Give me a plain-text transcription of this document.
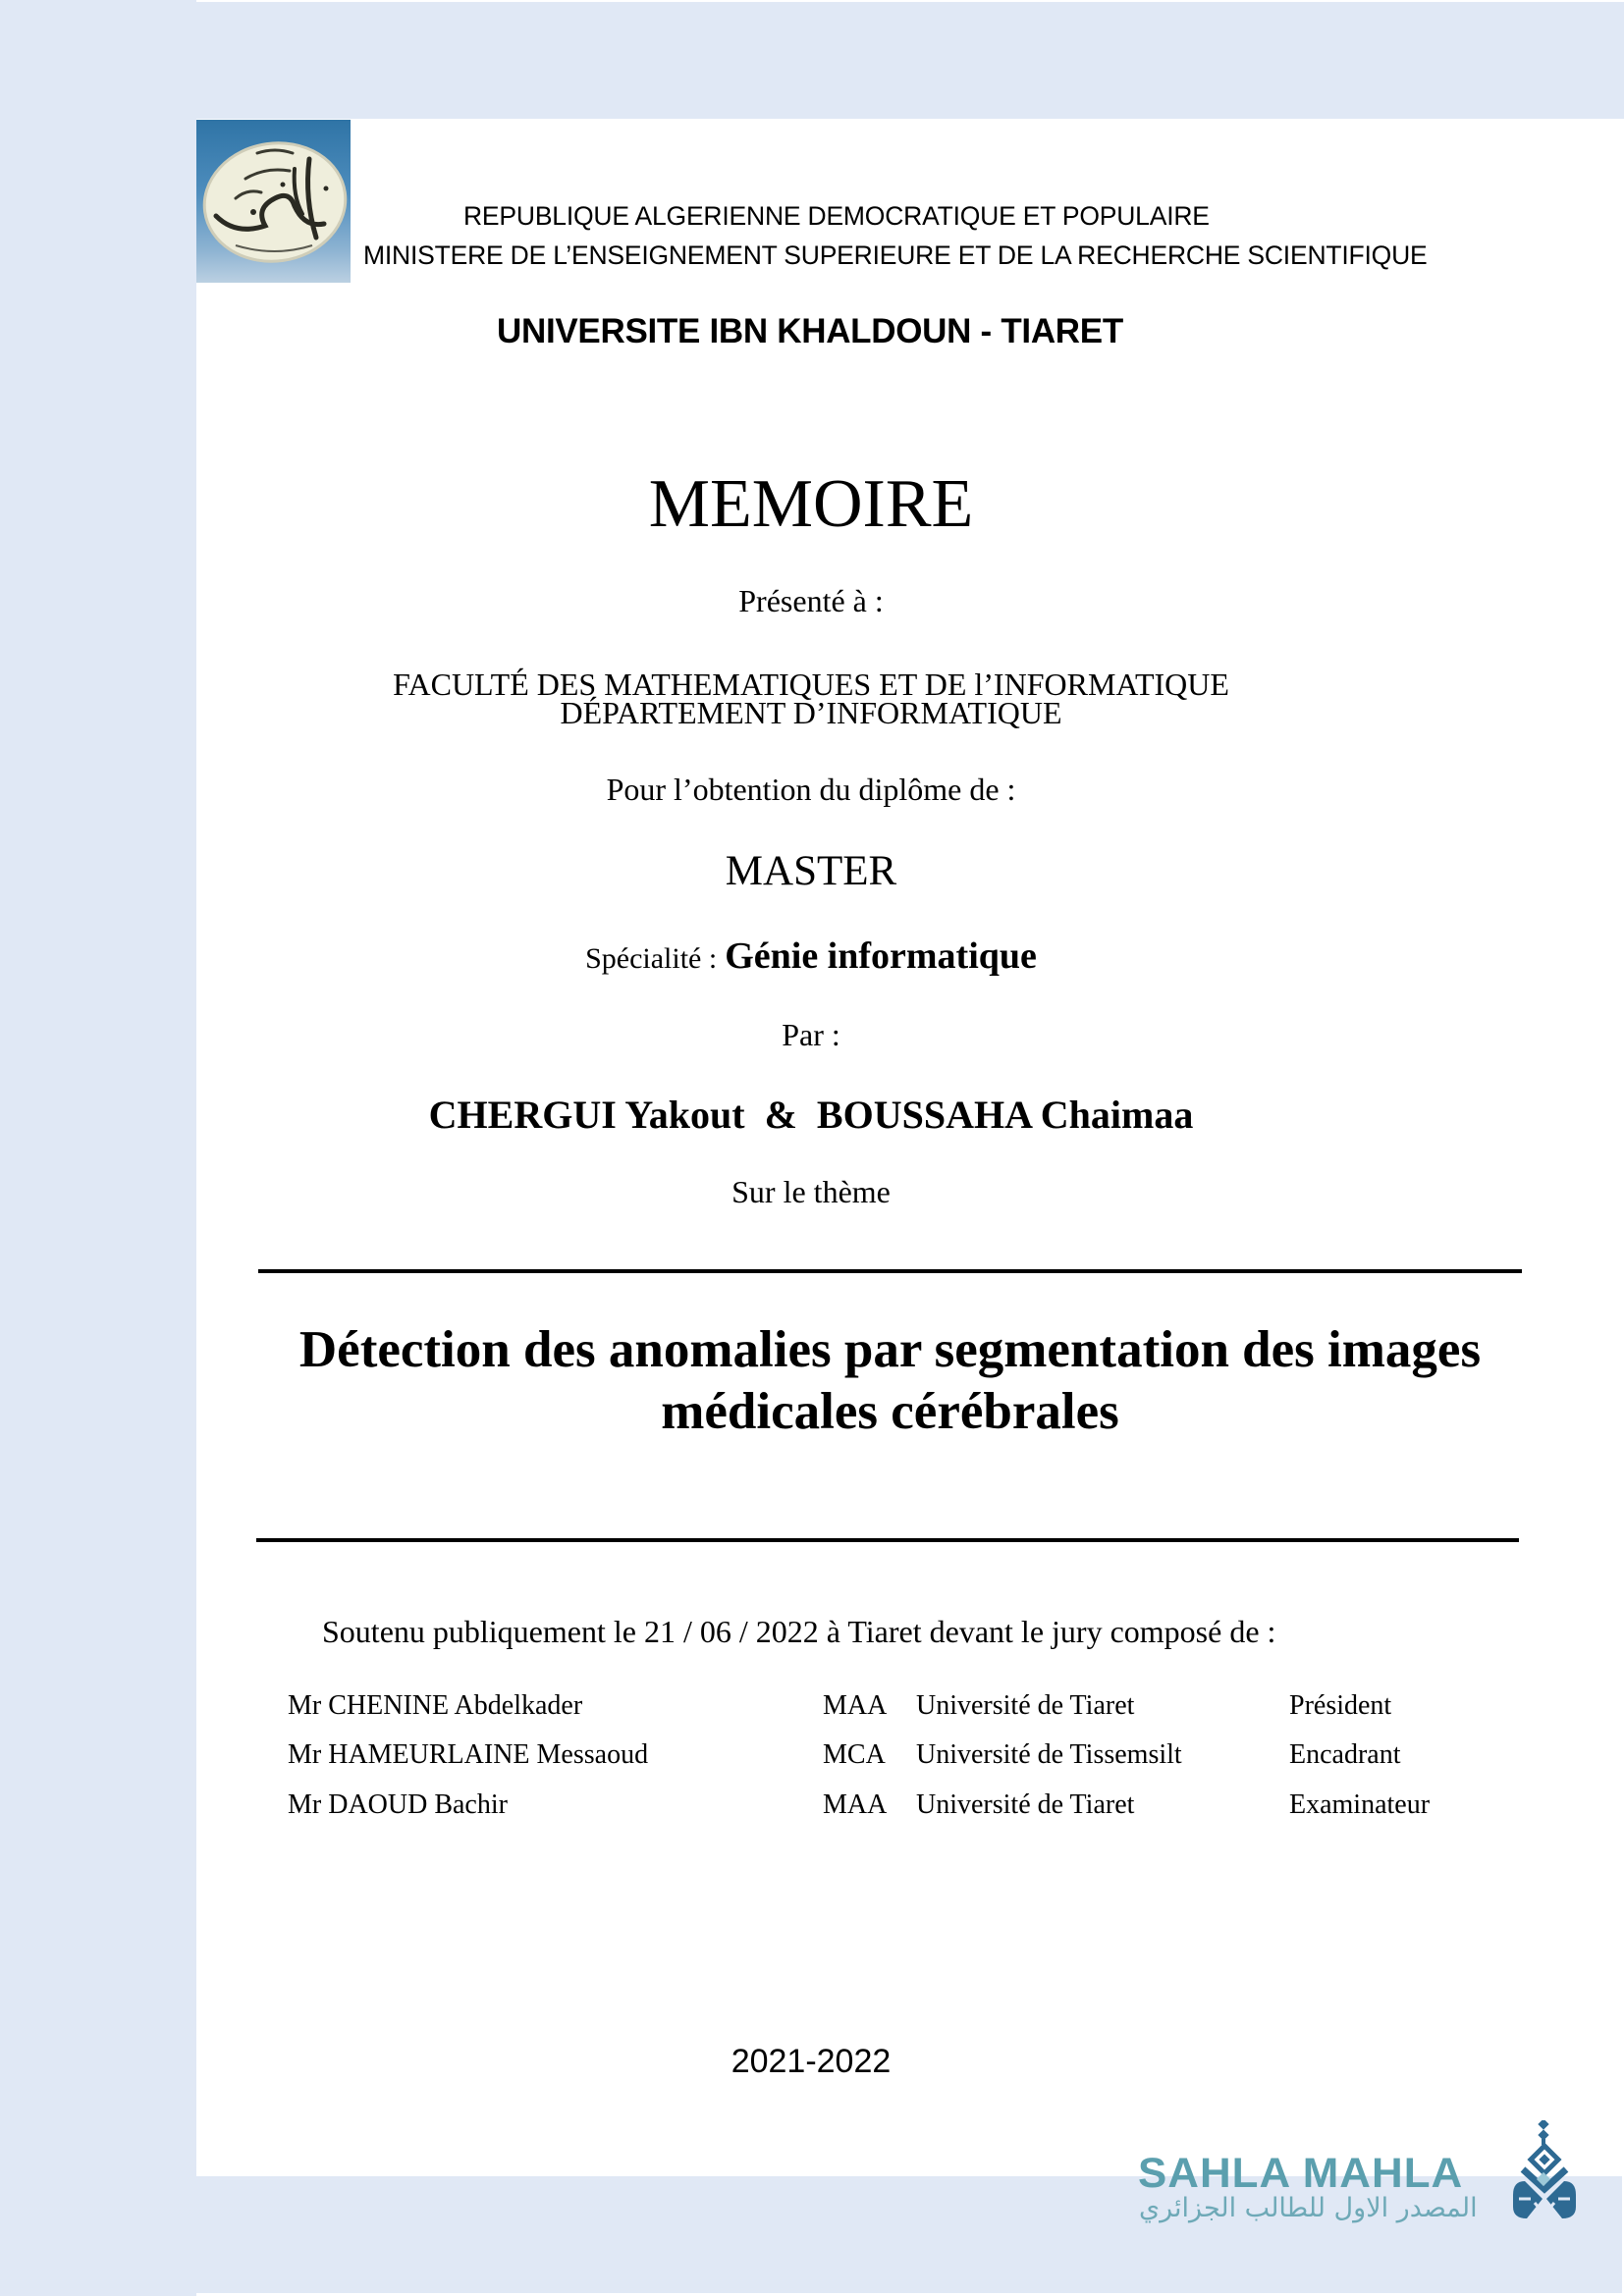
REPUBLIQUE ALGERIENNE DEMOCRATIQUE ET POPULAIRE

MINISTERE DE L’ENSEIGNEMENT SUPERIEURE ET DE LA RECHERCHE SCIENTIFIQUE

UNIVERSITE IBN KHALDOUN - TIARET

MEMOIRE

Présenté à :

FACULTÉ DES MATHEMATIQUES ET DE l’INFORMATIQUE

DÉPARTEMENT D’INFORMATIQUE

Pour l’obtention du diplôme de :

MASTER

Spécialité : Génie informatique

Par :

CHERGUI Yakout  &  BOUSSAHA Chaimaa

Sur le thème

Détection des anomalies par segmentation des images médicales cérébrales

Soutenu publiquement le 21 / 06 / 2022 à Tiaret devant le jury composé de :

Mr CHENINE Abdelkader	MAA Université de Tiaret	Président
Mr HAMEURLAINE Messaoud	MCA Université de Tissemsilt	Encadrant
Mr DAOUD Bachir	MAA Université de Tiaret	Examinateur

2021-2022

SAHLA MAHLA
المصدر الاول للطالب الجزائري
